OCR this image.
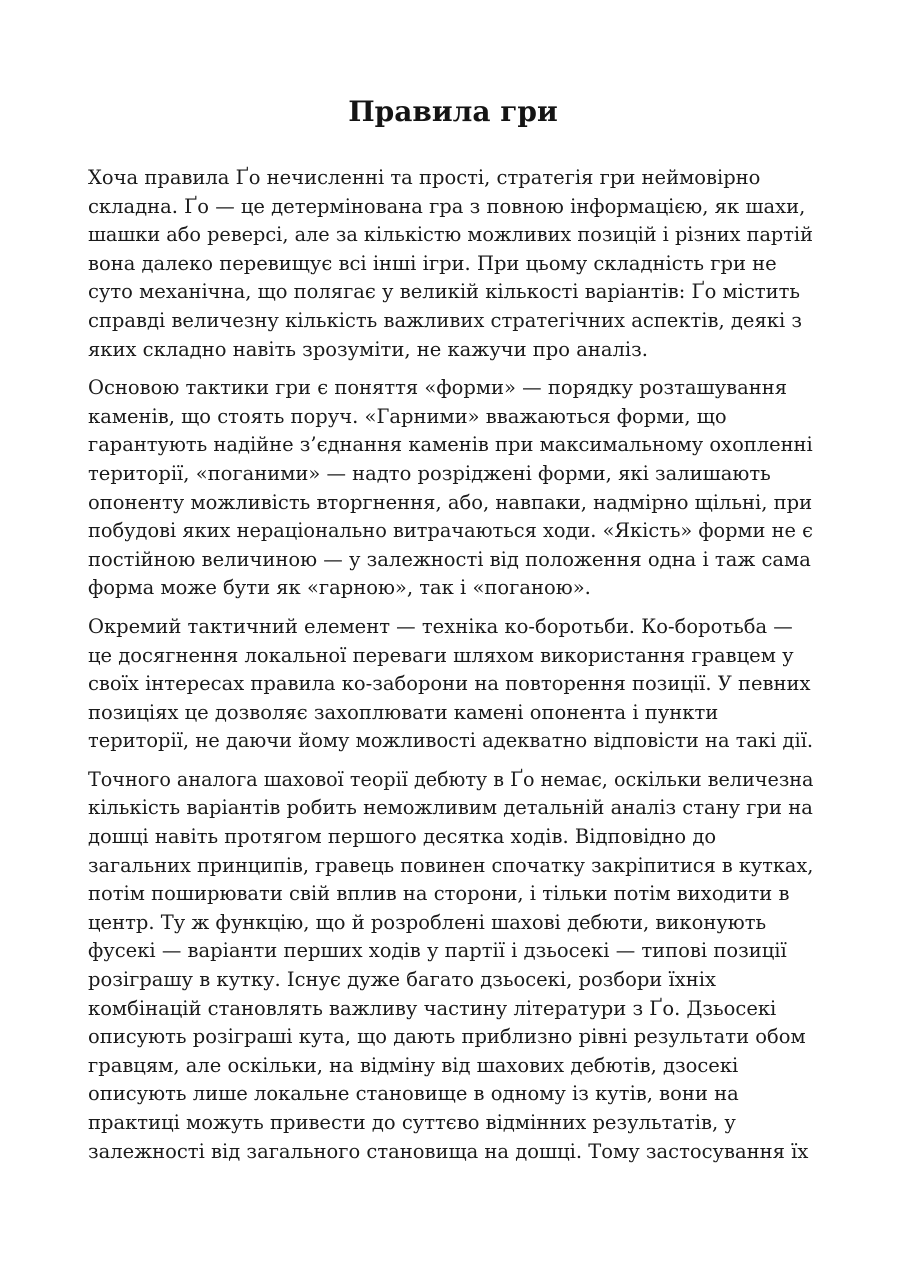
Правила гри

Хоча правила Ґо нечисленні та прості, стратегія гри неймовірно
складна. Ґо — це детермінована гра з повною інформацією, як шахи,
шашки або реверсі, але за кількістю можливих позицій і різних партій
вона далеко перевищує всі інші ігри. При цьому складність гри не
суто механічна, що полягає у великій кількості варіантів: Ґо містить
справді величезну кількість важливих стратегічних аспектів, деякі з
яких складно навіть зрозуміти, не кажучи про аналіз.

Основою тактики гри є поняття «форми» — порядку розташування
каменів, що стоять поруч. «Гарними» вважаються форми, що
гарантують надійне з’єднання каменів при максимальному охопленні
території, «поганими» — надто розріджені форми, які залишають
опоненту можливість вторгнення, або, навпаки, надмірно щільні, при
побудові яких нераціонально витрачаються ходи. «Якість» форми не є
постійною величиною — у залежності від положення одна і таж сама
форма може бути як «гарною», так і «поганою».

Окремий тактичний елемент — техніка ко-боротьби. Ко-боротьба —
це досягнення локальної переваги шляхом використання гравцем у
своїх інтересах правила ко-заборони на повторення позиції. У певних
позиціях це дозволяє захоплювати камені опонента і пункти
території, не даючи йому можливості адекватно відповісти на такі дії.

Точного аналога шахової теорії дебюту в Ґо немає, оскільки величезна
кількість варіантів робить неможливим детальній аналіз стану гри на
дошці навіть протягом першого десятка ходів. Відповідно до
загальних принципів, гравець повинен спочатку закріпитися в кутках,
потім поширювати свій вплив на сторони, і тільки потім виходити в
центр. Ту ж функцію, що й розроблені шахові дебюти, виконують
фусекі — варіанти перших ходів у партії і дзьосекі — типові позиції
розіграшу в кутку. Існує дуже багато дзьосекі, розбори їхніх
комбінацій становлять важливу частину літератури з Ґо. Дзьосекі
описують розіграші кута, що дають приблизно рівні результати обом
гравцям, але оскільки, на відміну від шахових дебютів, дзосекі
описують лише локальне становище в одному із кутів, вони на
практиці можуть привести до суттєво відмінних результатів, у
залежності від загального становища на дошці. Тому застосування їх
